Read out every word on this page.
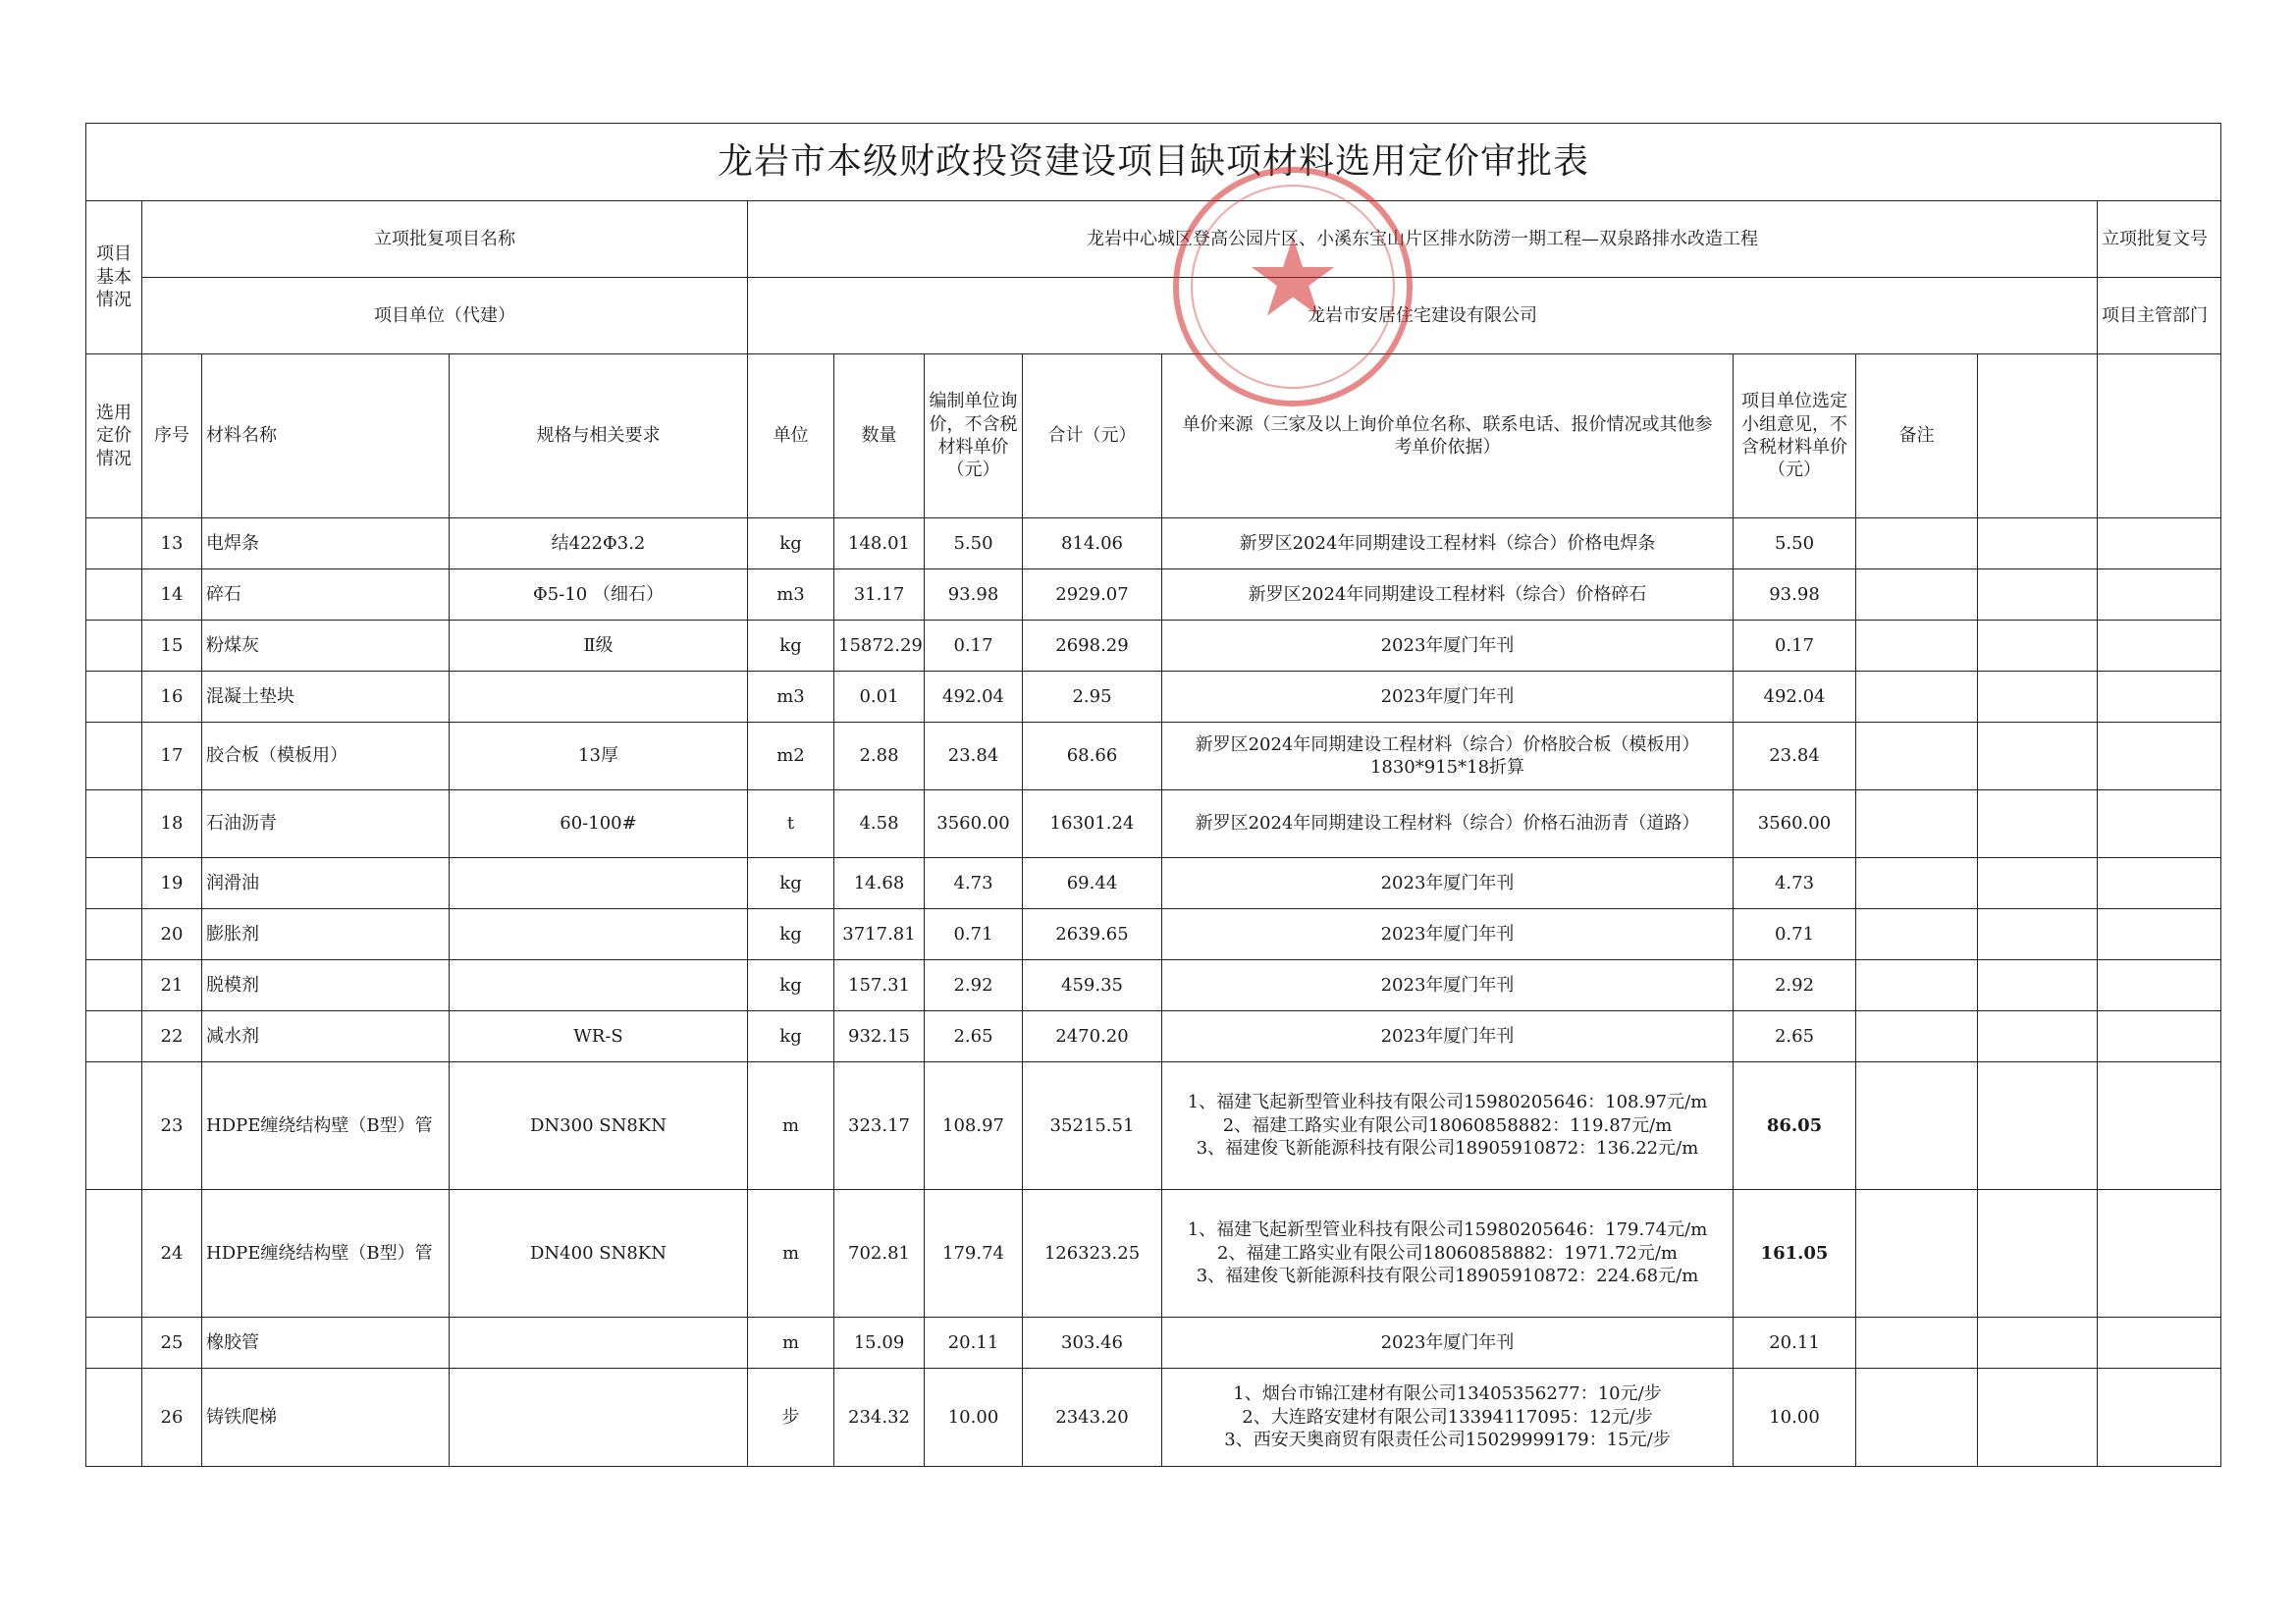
龙岩市本级财政投资建设项目缺项材料选用定价审批表												
项目
基本
情况	立项批复项目名称			龙岩中心城区登高公园片区、小溪东宝山片区排水防涝一期工程—双泉路排水改造工程								立项批复文号
	项目单位（代建）			龙岩市安居住宅建设有限公司								项目主管部门
选用
定价
情况	序号	材料名称	规格与相关要求	单位	数量	编制单位询价，不含税材料单价（元）	合计（元）	单价来源（三家及以上询价单位名称、联系电话、报价情况或其他参考单价依据）	项目单位选定小组意见，不含税材料单价（元）	备注		
	13	电焊条	结422Φ3.2	kg	148.01	5.50	814.06	新罗区2024年同期建设工程材料（综合）价格电焊条	5.50			
	14	碎石	Φ5-10 （细石）	m3	31.17	93.98	2929.07	新罗区2024年同期建设工程材料（综合）价格碎石	93.98			
	15	粉煤灰	Ⅱ级	kg	15872.29	0.17	2698.29	2023年厦门年刊	0.17			
	16	混凝土垫块		m3	0.01	492.04	2.95	2023年厦门年刊	492.04			
	17	胶合板（模板用）	13厚	m2	2.88	23.84	68.66	新罗区2024年同期建设工程材料（综合）价格胶合板（模板用）
1830*915*18折算	23.84			
	18	石油沥青	60-100#	t	4.58	3560.00	16301.24	新罗区2024年同期建设工程材料（综合）价格石油沥青（道路）	3560.00			
	19	润滑油		kg	14.68	4.73	69.44	2023年厦门年刊	4.73			
	20	膨胀剂		kg	3717.81	0.71	2639.65	2023年厦门年刊	0.71			
	21	脱模剂		kg	157.31	2.92	459.35	2023年厦门年刊	2.92			
	22	减水剂	WR-S	kg	932.15	2.65	2470.20	2023年厦门年刊	2.65			
	23	HDPE缠绕结构壁（B型）管	DN300 SN8KN	m	323.17	108.97	35215.51	1、福建飞起新型管业科技有限公司15980205646：108.97元/m
2、福建工路实业有限公司18060858882：119.87元/m
3、福建俊飞新能源科技有限公司18905910872：136.22元/m	86.05			
	24	HDPE缠绕结构壁（B型）管	DN400 SN8KN	m	702.81	179.74	126323.25	1、福建飞起新型管业科技有限公司15980205646：179.74元/m
2、福建工路实业有限公司18060858882：1971.72元/m
3、福建俊飞新能源科技有限公司18905910872：224.68元/m	161.05			
	25	橡胶管		m	15.09	20.11	303.46	2023年厦门年刊	20.11			
	26	铸铁爬梯		步	234.32	10.00	2343.20	1、烟台市锦江建材有限公司13405356277：10元/步
2、大连路安建材有限公司13394117095：12元/步
3、西安天奥商贸有限责任公司15029999179：15元/步	10.00			
★
